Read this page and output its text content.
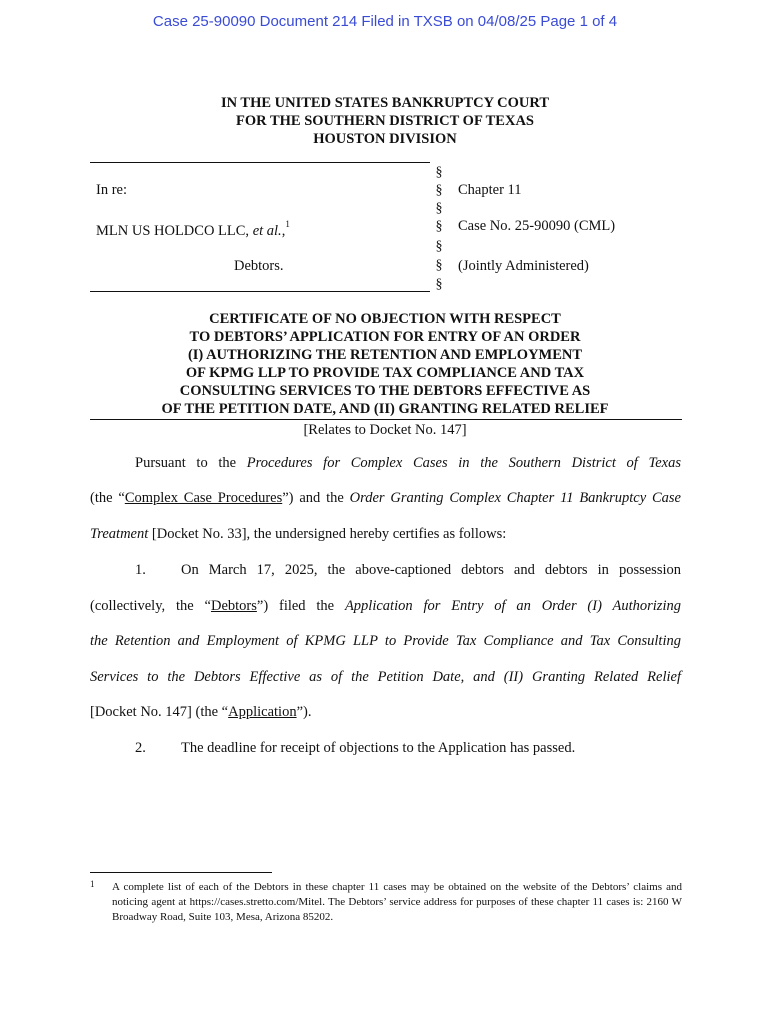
Case 25-90090 Document 214 Filed in TXSB on 04/08/25 Page 1 of 4
IN THE UNITED STATES BANKRUPTCY COURT
FOR THE SOUTHERN DISTRICT OF TEXAS
HOUSTON DIVISION
§
§
§
§
§
§
§
In re:
MLN US HOLDCO LLC, et al.,$^1$
Debtors.
Chapter 11
Case No. 25-90090 (CML)
(Jointly Administered)
CERTIFICATE OF NO OBJECTION WITH RESPECT
TO DEBTORS’ APPLICATION FOR ENTRY OF AN ORDER
(I) AUTHORIZING THE RETENTION AND EMPLOYMENT
OF KPMG LLP TO PROVIDE TAX COMPLIANCE AND TAX
CONSULTING SERVICES TO THE DEBTORS EFFECTIVE AS
OF THE PETITION DATE, AND (II) GRANTING RELATED RELIEF
[Relates to Docket No. 147]
Pursuant to the Procedures for Complex Cases in the Southern District of Texas
(the “Complex Case Procedures”) and the Order Granting Complex Chapter 11 Bankruptcy Case
Treatment [Docket No. 33], the undersigned hereby certifies as follows:
1. On March 17, 2025, the above-captioned debtors and debtors in possession
(collectively, the “Debtors”) filed the Application for Entry of an Order (I) Authorizing
the Retention and Employment of KPMG LLP to Provide Tax Compliance and Tax Consulting
Services to the Debtors Effective as of the Petition Date, and (II) Granting Related Relief
[Docket No. 147] (the “Application”).
2. The deadline for receipt of objections to the Application has passed.
1 A complete list of each of the Debtors in these chapter 11 cases may be obtained on the website of the Debtors’ claims and noticing agent at https://cases.stretto.com/Mitel. The Debtors’ service address for purposes of these chapter 11 cases is: 2160 W Broadway Road, Suite 103, Mesa, Arizona 85202.
